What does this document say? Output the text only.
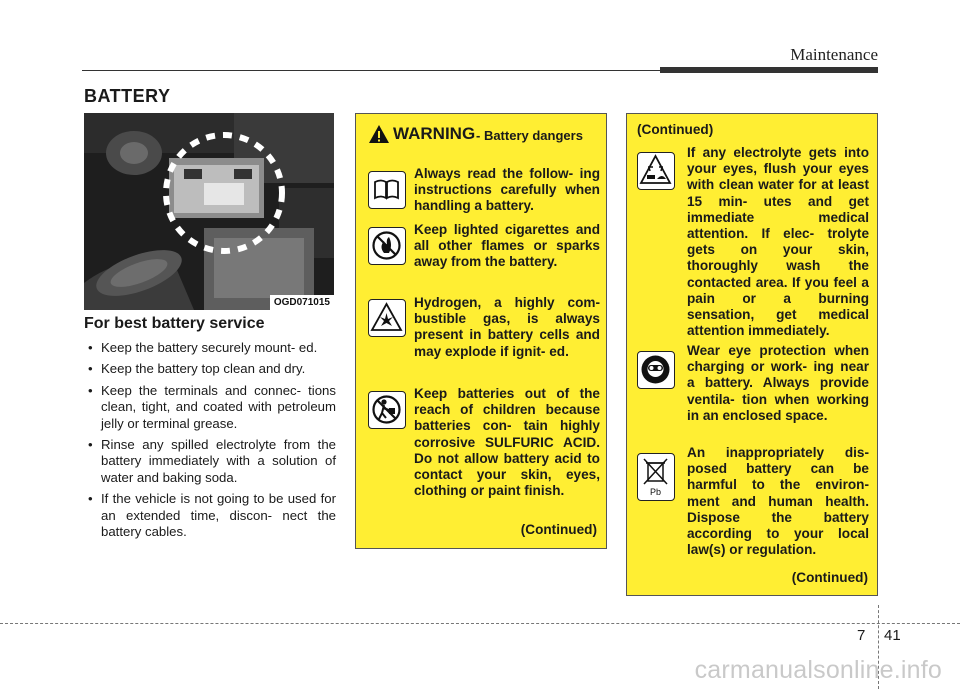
Maintenance
BATTERY
OGD071015
For best battery service
• Keep the battery securely mount- ed.
• Keep the battery top clean and dry.
• Keep the terminals and connec- tions clean, tight, and coated with petroleum jelly or terminal grease.
• Rinse any spilled electrolyte from the battery immediately with a solution of water and baking soda.
• If the vehicle is not going to be used for an extended time, discon- nect the battery cables.
WARNING - Battery dangers
Always read the follow- ing instructions carefully when handling a battery.
Keep lighted cigarettes and all other flames or sparks away from the battery.
Hydrogen, a highly com- bustible gas, is always present in battery cells and may explode if ignit- ed.
Keep batteries out of the reach of children because batteries con- tain highly corrosive SULFURIC ACID. Do not allow battery acid to contact your skin, eyes, clothing or paint finish.
(Continued)
(Continued)
If any electrolyte gets into your eyes, flush your eyes with clean water for at least 15 min- utes and get immediate medical attention. If elec- trolyte gets on your skin, thoroughly wash the contacted area. If you feel a pain or a burning sensation, get medical attention immediately.
Wear eye protection when charging or work- ing near a battery. Always provide ventila- tion when working in an enclosed space.
Pb
An inappropriately dis- posed battery can be harmful to the environ- ment and human health. Dispose the battery according to your local law(s) or regulation.
(Continued)
7 41
carmanualsonline.info
